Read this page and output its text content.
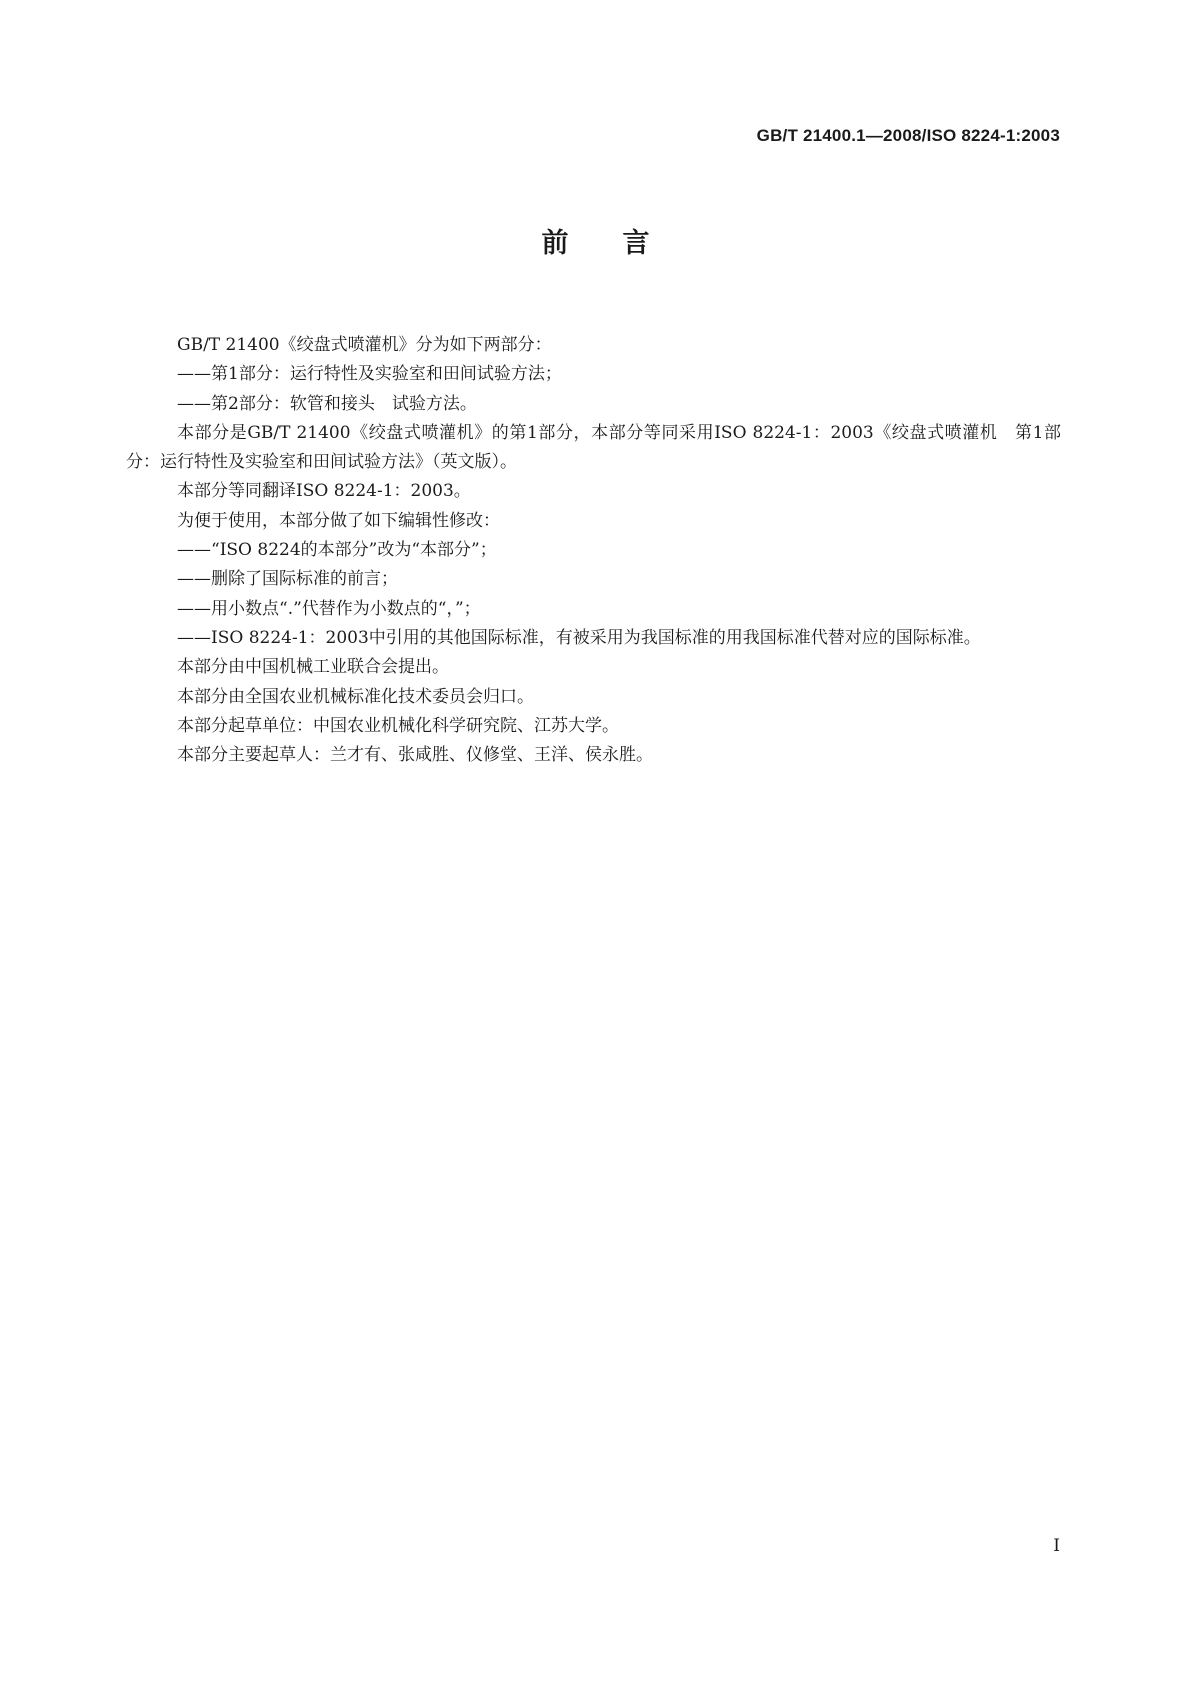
GB/T 21400.1—2008/ISO 8224-1:2003
前言

GB/T 21400《绞盘式喷灌机》分为如下两部分：

——第1部分：运行特性及实验室和田间试验方法；

——第2部分：软管和接头　试验方法。

本部分是GB/T 21400《绞盘式喷灌机》的第1部分，本部分等同采用ISO 8224-1：2003《绞盘式喷灌机　第1部分：运行特性及实验室和田间试验方法》（英文版）。

本部分等同翻译ISO 8224-1：2003。

为便于使用，本部分做了如下编辑性修改：

——“ISO 8224的本部分”改为“本部分”；

——删除了国际标准的前言；

——用小数点“.”代替作为小数点的“，”；

——ISO 8224-1：2003中引用的其他国际标准，有被采用为我国标准的用我国标准代替对应的国际标准。

本部分由中国机械工业联合会提出。

本部分由全国农业机械标准化技术委员会归口。

本部分起草单位：中国农业机械化科学研究院、江苏大学。

本部分主要起草人：兰才有、张咸胜、仪修堂、王洋、侯永胜。

I
